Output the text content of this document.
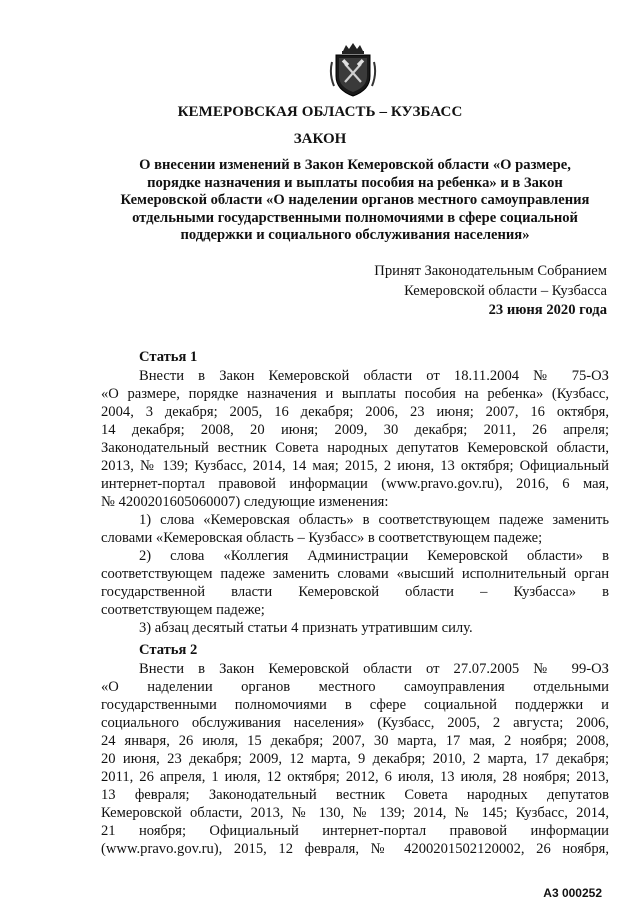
КЕМЕРОВСКАЯ ОБЛАСТЬ – КУЗБАСС
ЗАКОН
О внесении изменений в Закон Кемеровской области «О размере,
порядке назначения и выплаты пособия на ребенка» и в Закон
Кемеровской области «О наделении органов местного самоуправления
отдельными государственными полномочиями в сфере социальной
поддержки и социального обслуживания населения»
Принят Законодательным Собранием
Кемеровской области – Кузбасса
23 июня 2020 года
Статья 1
Внести в Закон Кемеровской области от 18.11.2004 № 75-ОЗ
«О размере, порядке назначения и выплаты пособия на ребенка» (Кузбасс,
2004, 3 декабря; 2005, 16 декабря; 2006, 23 июня; 2007, 16 октября,
14 декабря; 2008, 20 июня; 2009, 30 декабря; 2011, 26 апреля;
Законодательный вестник Совета народных депутатов Кемеровской области,
2013, № 139; Кузбасс, 2014, 14 мая; 2015, 2 июня, 13 октября; Официальный
интернет-портал правовой информации (www.pravo.gov.ru), 2016, 6 мая,
№ 4200201605060007) следующие изменения:
1) слова «Кемеровская область» в соответствующем падеже заменить
словами «Кемеровская область – Кузбасс» в соответствующем падеже;
2) слова «Коллегия Администрации Кемеровской области» в
соответствующем падеже заменить словами «высший исполнительный орган
государственной власти Кемеровской области – Кузбасса» в
соответствующем падеже;
3) абзац десятый статьи 4 признать утратившим силу.
Статья 2
Внести в Закон Кемеровской области от 27.07.2005 № 99-ОЗ
«О наделении органов местного самоуправления отдельными
государственными полномочиями в сфере социальной поддержки и
социального обслуживания населения» (Кузбасс, 2005, 2 августа; 2006,
24 января, 26 июля, 15 декабря; 2007, 30 марта, 17 мая, 2 ноября; 2008,
20 июня, 23 декабря; 2009, 12 марта, 9 декабря; 2010, 2 марта, 17 декабря;
2011, 26 апреля, 1 июля, 12 октября; 2012, 6 июля, 13 июля, 28 ноября; 2013,
13 февраля; Законодательный вестник Совета народных депутатов
Кемеровской области, 2013, № 130, № 139; 2014, № 145; Кузбасс, 2014,
21 ноября; Официальный интернет-портал правовой информации
(www.pravo.gov.ru), 2015, 12 февраля, № 4200201502120002, 26 ноября,
А3 000252
